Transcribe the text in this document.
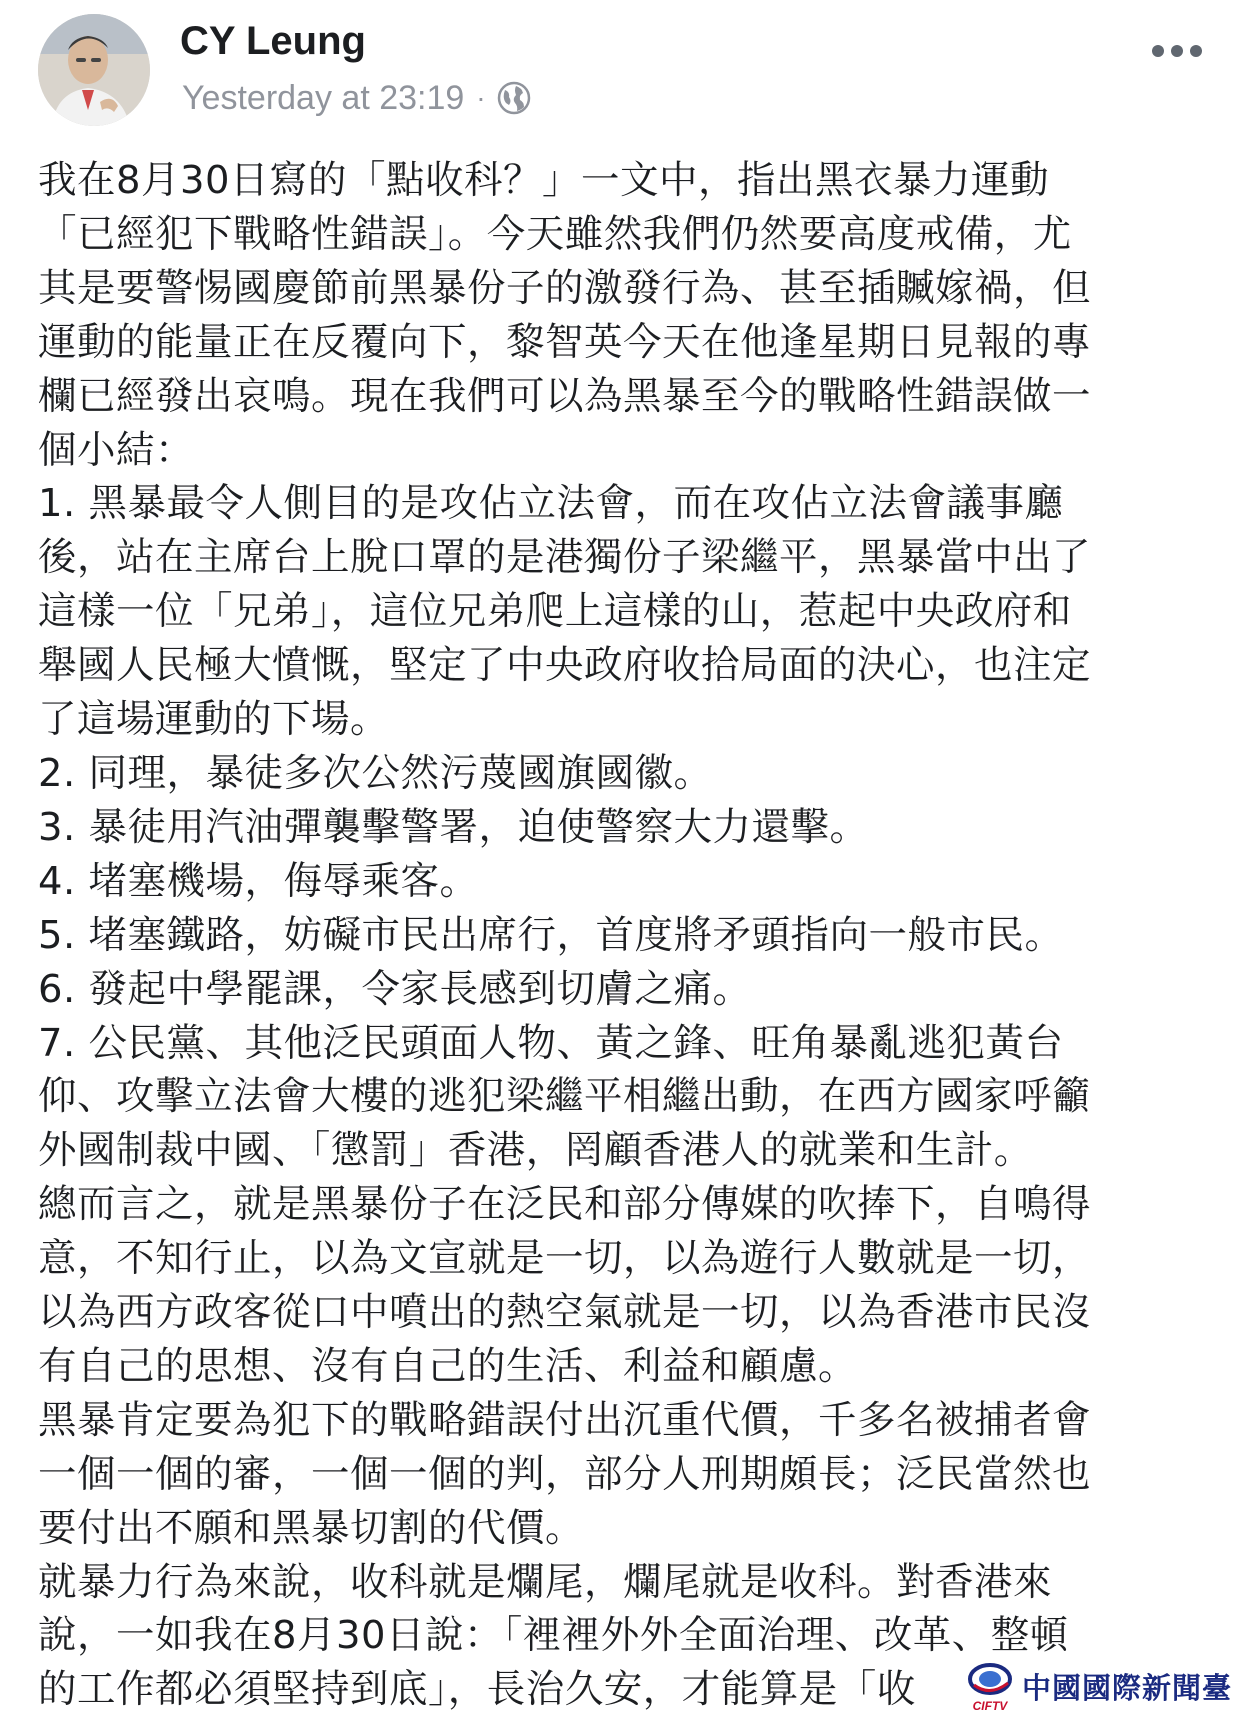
CY Leung
Yesterday at 23:19 ·

我在8月30日寫的「點收科？」一文中，指出黑衣暴力運動

「已經犯下戰略性錯誤」。今天雖然我們仍然要高度戒備，尤

其是要警惕國慶節前黑暴份子的激發行為、甚至插贓嫁禍，但

運動的能量正在反覆向下，黎智英今天在他逢星期日見報的專

欄已經發出哀鳴。現在我們可以為黑暴至今的戰略性錯誤做一

個小結：

1. 黑暴最令人側目的是攻佔立法會，而在攻佔立法會議事廳

後，站在主席台上脫口罩的是港獨份子梁繼平，黑暴當中出了

這樣一位「兄弟」，這位兄弟爬上這樣的山，惹起中央政府和

舉國人民極大憤慨，堅定了中央政府收拾局面的決心，也注定

了這場運動的下場。

2. 同理，暴徒多次公然污蔑國旗國徽。

3. 暴徒用汽油彈襲擊警署，迫使警察大力還擊。

4. 堵塞機場，侮辱乘客。

5. 堵塞鐵路，妨礙市民出席行，首度將矛頭指向一般市民。

6. 發起中學罷課，令家長感到切膚之痛。

7. 公民黨、其他泛民頭面人物、黃之鋒、旺角暴亂逃犯黃台

仰、攻擊立法會大樓的逃犯梁繼平相繼出動，在西方國家呼籲

外國制裁中國、「懲罰」香港，罔顧香港人的就業和生計。

總而言之，就是黑暴份子在泛民和部分傳媒的吹捧下，自鳴得

意，不知行止，以為文宣就是一切，以為遊行人數就是一切，

以為西方政客從口中噴出的熱空氣就是一切，以為香港市民沒

有自己的思想、沒有自己的生活、利益和顧慮。

黑暴肯定要為犯下的戰略錯誤付出沉重代價，千多名被捕者會

一個一個的審，一個一個的判，部分人刑期頗長；泛民當然也

要付出不願和黑暴切割的代價。

就暴力行為來說，收科就是爛尾，爛尾就是收科。對香港來

說，一如我在8月30日說：「裡裡外外全面治理、改革、整頓

的工作都必須堅持到底」，長治久安，才能算是「收	CIFTV
中國國際新聞臺
